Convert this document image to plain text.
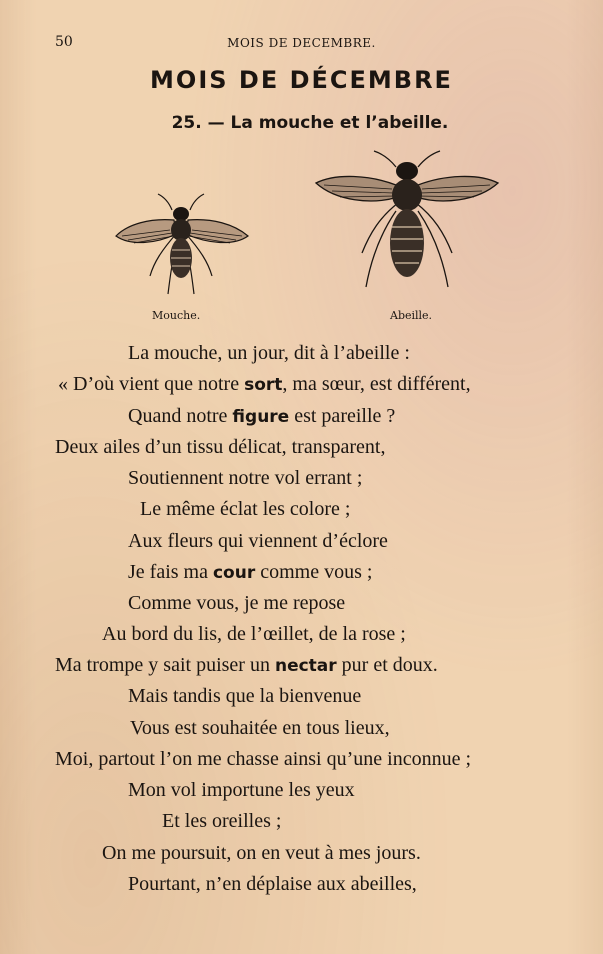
50	MOIS DE DECEMBRE.
MOIS DE DÉCEMBRE
25. — La mouche et l’abeille.
Mouche.	Abeille.
La mouche, un jour, dit à l’abeille :
« D’où vient que notre sort, ma sœur, est différent,
Quand notre figure est pareille ?
Deux ailes d’un tissu délicat, transparent,
Soutiennent notre vol errant ;
Le même éclat les colore ;
Aux fleurs qui viennent d’éclore
Je fais ma cour comme vous ;
Comme vous, je me repose
Au bord du lis, de l’œillet, de la rose ;
Ma trompe y sait puiser un nectar pur et doux.
Mais tandis que la bienvenue
Vous est souhaitée en tous lieux,
Moi, partout l’on me chasse ainsi qu’une inconnue ;
Mon vol importune les yeux
Et les oreilles ;
On me poursuit, on en veut à mes jours.
Pourtant, n’en déplaise aux abeilles,
